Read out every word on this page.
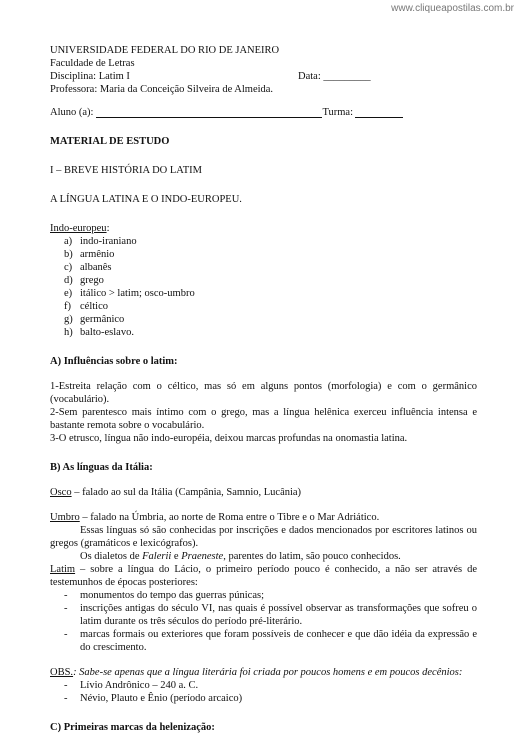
www.cliqueapostilas.com.br
UNIVERSIDADE FEDERAL DO RIO DE JANEIRO
Faculdade de Letras
Disciplina: Latim I	Data: _________
Professora: Maria da Conceição Silveira de Almeida.
Aluno (a):	Turma:
MATERIAL DE ESTUDO
I – BREVE HISTÓRIA DO LATIM
A LÍNGUA LATINA E O INDO-EUROPEU.
Indo-europeu:
a) indo-iraniano
b) armênio
c) albanês
d) grego
e) itálico > latim; osco-umbro
f) céltico
g) germânico
h) balto-eslavo.
A) Influências sobre o latim:
1-Estreita relação com o céltico, mas só em alguns pontos (morfologia) e com o germânico (vocabulário).
2-Sem parentesco mais íntimo com o grego, mas a língua helênica exerceu influência intensa e bastante remota sobre o vocabulário.
3-O etrusco, língua não indo-européia, deixou marcas profundas na onomastia latina.
B) As línguas da Itália:
Osco – falado ao sul da Itália (Campânia, Samnio, Lucânia)
Umbro – falado na Úmbria, ao norte de Roma entre o Tibre e o Mar Adriático.
Essas línguas só são conhecidas por inscrições e dados mencionados por escritores latinos ou gregos (gramáticos e lexicógrafos).
Os dialetos de Falerii e Praeneste, parentes do latim, são pouco conhecidos.
Latim – sobre a língua do Lácio, o primeiro período pouco é conhecido, a não ser através de testemunhos de épocas posteriores:
-	monumentos do tempo das guerras púnicas;
-	inscrições antigas do século VI, nas quais é possível observar as transformações que sofreu o latim durante os três séculos do período pré-literário.
-	marcas formais ou exteriores que foram possíveis de conhecer e que dão idéia da expressão e do crescimento.
OBS.: Sabe-se apenas que a língua literária foi criada por poucos homens e em poucos decênios:
-	Lívio Andrônico – 240 a. C.
-	Névio, Plauto e Ênio (período arcaico)
C) Primeiras marcas da helenização:
